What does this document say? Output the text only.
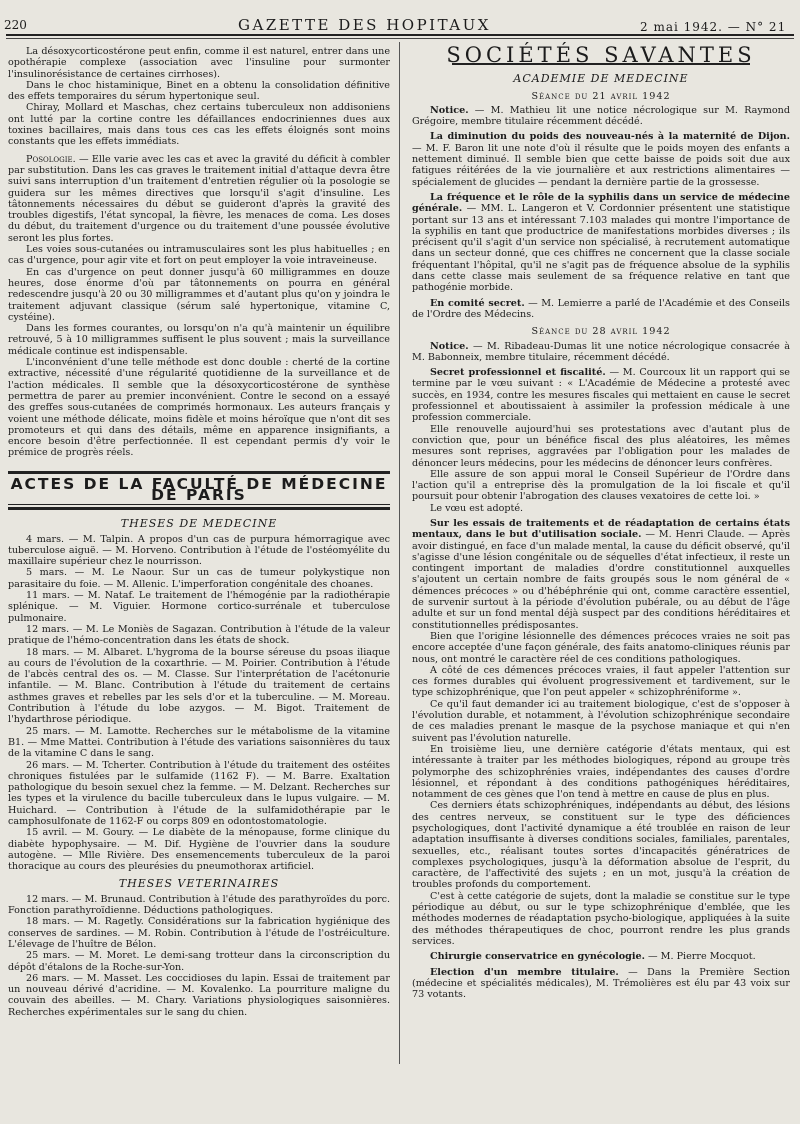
220	GAZETTE DES HOPITAUX	2 mai 1942. — N° 21

La désoxycorticostérone peut enfin, comme il est naturel, entrer dans une opothérapie complexe (association avec l'insuline pour surmonter l'insulinorésistance de certaines cirrhoses).

Dans le choc histaminique, Binet en a obtenu la consolidation définitive des effets temporaires du sérum hypertonique seul.

Chiray, Mollard et Maschas, chez certains tuberculeux non addisoniens ont lutté par la cortine contre les défaillances endocriniennes dues aux toxines bacillaires, mais dans tous ces cas les effets éloignés sont moins constants que les effets immédiats.

Posologie. — Elle varie avec les cas et avec la gravité du déficit à combler par substitution. Dans les cas graves le traitement initial d'attaque devra être suivi sans interruption d'un traitement d'entretien régulier où la posologie se guidera sur les mêmes directives que lorsqu'il s'agit d'insuline. Les tâtonnements nécessaires du début se guideront d'après la gravité des troubles digestifs, l'état syncopal, la fièvre, les menaces de coma. Les doses du début, du traitement d'urgence ou du traitement d'une poussée évolutive seront les plus fortes.

Les voies sous-cutanées ou intramusculaires sont les plus habituelles ; en cas d'urgence, pour agir vite et fort on peut employer la voie intraveineuse.

En cas d'urgence on peut donner jusqu'à 60 milligrammes en douze heures, dose énorme d'où par tâtonnements on pourra en général redescendre jusqu'à 20 ou 30 milligrammes et d'autant plus qu'on y joindra le traitement adjuvant classique (sérum salé hypertonique, vitamine C, cystéine).

Dans les formes courantes, ou lorsqu'on n'a qu'à maintenir un équilibre retrouvé, 5 à 10 milligrammes suffisent le plus souvent ; mais la surveillance médicale continue est indispensable.

L'inconvénient d'une telle méthode est donc double : cherté de la cortine extractive, nécessité d'une régularité quotidienne de la surveillance et de l'action médicales. Il semble que la désoxycorticostérone de synthèse permettra de parer au premier inconvénient. Contre le second on a essayé des greffes sous-cutanées de comprimés hormonaux. Les auteurs français y voient une méthode délicate, moins fidèle et moins héroïque que n'ont dit ses promoteurs et qui dans des détails, même en apparence insignifiants, a encore besoin d'être perfectionnée. Il est cependant permis d'y voir le prémice de progrès réels.

ACTES DE LA FACULTÉ DE MÉDECINE DE PARIS
THESES DE MEDECINE

4 mars. — M. Talpin. A propos d'un cas de purpura hémorragique avec tuberculose aiguë. — M. Horveno. Contribution à l'étude de l'ostéomyélite du maxillaire supérieur chez le nourrisson.

5 mars. — M. Le Naour. Sur un cas de tumeur polykystique non parasitaire du foie. — M. Allenic. L'imperforation congénitale des choanes.

11 mars. — M. Nataf. Le traitement de l'hémogénie par la radiothérapie splénique. — M. Viguier. Hormone cortico-surrénale et tuberculose pulmonaire.

12 mars. — M. Le Moniès de Sagazan. Contribution à l'étude de la valeur pratique de l'hémo-concentration dans les états de shock.

18 mars. — M. Albaret. L'hygroma de la bourse séreuse du psoas iliaque au cours de l'évolution de la coxarthrie. — M. Poirier. Contribution à l'étude de l'abcès central des os. — M. Classe. Sur l'interprétation de l'acétonurie infantile. — M. Blanc. Contribution à l'étude du traitement de certains asthmes graves et rebelles par les sels d'or et la tuberculine. — M. Moreau. Contribution à l'étude du lobe azygos. — M. Bigot. Traitement de l'hydarthrose périodique.

25 mars. — M. Lamotte. Recherches sur le métabolisme de la vitamine B1. — Mme Mattei. Contribution à l'étude des variations saisonnières du taux de la vitamine C dans le sang.

26 mars. — M. Tcherter. Contribution à l'étude du traitement des ostéites chroniques fistulées par le sulfamide (1162 F). — M. Barre. Exaltation pathologique du besoin sexuel chez la femme. — M. Delzant. Recherches sur les types et la virulence du bacille tuberculeux dans le lupus vulgaire. — M. Huichard. — Contribution à l'étude de la sulfamidothérapie par le camphosulfonate de 1162-F ou corps 809 en odontostomatologie.

15 avril. — M. Goury. — Le diabète de la ménopause, forme clinique du diabète hypophysaire. — M. Dif. Hygiène de l'ouvrier dans la soudure autogène. — Mlle Rivière. Des ensemencements tuberculeux de la paroi thoracique au cours des pleurésies du pneumothorax artificiel.

THESES VETERINAIRES

12 mars. — M. Brunaud. Contribution à l'étude des parathyroïdes du porc. Fonction parathyroïdienne. Déductions pathologiques.

18 mars. — M. Ragetly. Considérations sur la fabrication hygiénique des conserves de sardines. — M. Robin. Contribution à l'étude de l'ostréiculture. L'élevage de l'huître de Bélon.

25 mars. — M. Moret. Le demi-sang trotteur dans la circonscription du dépôt d'étalons de la Roche-sur-Yon.

26 mars. — M. Masset. Les coccidioses du lapin. Essai de traitement par un nouveau dérivé d'acridine. — M. Kovalenko. La pourriture maligne du couvain des abeilles. — M. Chary. Variations physiologiques saisonnières. Recherches expérimentales sur le sang du chien.

SOCIÉTÉS SAVANTES
ACADEMIE DE MEDECINE
Séance du 21 avril 1942

Notice. — M. Mathieu lit une notice nécrologique sur M. Raymond Grégoire, membre titulaire récemment décédé.

La diminution du poids des nouveau-nés à la maternité de Dijon. — M. F. Baron lit une note d'où il résulte que le poids moyen des enfants a nettement diminué. Il semble bien que cette baisse de poids soit due aux fatigues réitérées de la vie journalière et aux restrictions alimentaires — spécialement de glucides — pendant la dernière partie de la grossesse.

La fréquence et le rôle de la syphilis dans un service de médecine générale. — MM. L. Langeron et V. Cordonnier présentent une statistique portant sur 13 ans et intéressant 7.103 malades qui montre l'importance de la syphilis en tant que productrice de manifestations morbides diverses ; ils précisent qu'il s'agit d'un service non spécialisé, à recrutement automatique dans un secteur donné, que ces chiffres ne concernent que la classe sociale fréquentant l'hôpital, qu'il ne s'agit pas de fréquence absolue de la syphilis dans cette classe mais seulement de sa fréquence relative en tant que pathogénie morbide.

En comité secret. — M. Lemierre a parlé de l'Académie et des Conseils de l'Ordre des Médecins.

Séance du 28 avril 1942

Notice. — M. Ribadeau-Dumas lit une notice nécrologique consacrée à M. Babonneix, membre titulaire, récemment décédé.

Secret professionnel et fiscalité. — M. Courcoux lit un rapport qui se termine par le vœu suivant : « L'Académie de Médecine a protesté avec succès, en 1934, contre les mesures fiscales qui mettaient en cause le secret professionnel et aboutissaient à assimiler la profession médicale à une profession commerciale.

Elle renouvelle aujourd'hui ses protestations avec d'autant plus de conviction que, pour un bénéfice fiscal des plus aléatoires, les mêmes mesures sont reprises, aggravées par l'obligation pour les malades de dénoncer leurs médecins, pour les médecins de dénoncer leurs confrères.

Elle assure de son appui moral le Conseil Supérieur de l'Ordre dans l'action qu'il a entreprise dès la promulgation de la loi fiscale et qu'il poursuit pour obtenir l'abrogation des clauses vexatoires de cette loi. »

Le vœu est adopté.

Sur les essais de traitements et de réadaptation de certains états mentaux, dans le but d'utilisation sociale. — M. Henri Claude. — Après avoir distingué, en face d'un malade mental, la cause du déficit observé, qu'il s'agisse d'une lésion congénitale ou de séquelles d'état infectieux, il reste un contingent important de maladies d'ordre constitutionnel auxquelles s'ajoutent un certain nombre de faits groupés sous le nom général de « démences précoces » ou d'hébéphrénie qui ont, comme caractère essentiel, de survenir surtout à la période d'évolution pubérale, ou au début de l'âge adulte et sur un fond mental déjà suspect par des conditions héréditaires et constitutionnelles prédisposantes.

Bien que l'origine lésionnelle des démences précoces vraies ne soit pas encore acceptée d'une façon générale, des faits anatomo-cliniques réunis par nous, ont montré le caractère réel de ces conditions pathologiques.

A côté de ces démences précoces vraies, il faut appeler l'attention sur ces formes durables qui évoluent progressivement et tardivement, sur le type schizophrénique, que l'on peut appeler « schizophréniforme ».

Ce qu'il faut demander ici au traitement biologique, c'est de s'opposer à l'évolution durable, et notamment, à l'évolution schizophrénique secondaire de ces maladies prenant le masque de la psychose maniaque et qui n'en suivent pas l'évolution naturelle.

En troisième lieu, une dernière catégorie d'états mentaux, qui est intéressante à traiter par les méthodes biologiques, répond au groupe très polymorphe des schizophrénies vraies, indépendantes des causes d'ordre lésionnel, et répondant à des conditions pathogéniques héréditaires, notamment de ces gènes que l'on tend à mettre en cause de plus en plus.

Ces derniers états schizophréniques, indépendants au début, des lésions des centres nerveux, se constituent sur le type des déficiences psychologiques, dont l'activité dynamique a été troublée en raison de leur adaptation insuffisante à diverses conditions sociales, familiales, parentales, sexuelles, etc., réalisant toutes sortes d'incapacités génératrices de complexes psychologiques, jusqu'à la déformation absolue de l'esprit, du caractère, de l'affectivité des sujets ; en un mot, jusqu'à la création de troubles profonds du comportement.

C'est à cette catégorie de sujets, dont la maladie se constitue sur le type périodique au début, ou sur le type schizophrénique d'emblée, que les méthodes modernes de réadaptation psycho-biologique, appliquées à la suite des méthodes thérapeutiques de choc, pourront rendre les plus grands services.

Chirurgie conservatrice en gynécologie. — M. Pierre Mocquot.

Election d'un membre titulaire. — Dans la Première Section (médecine et spécialités médicales), M. Trémolières est élu par 43 voix sur 73 votants.
